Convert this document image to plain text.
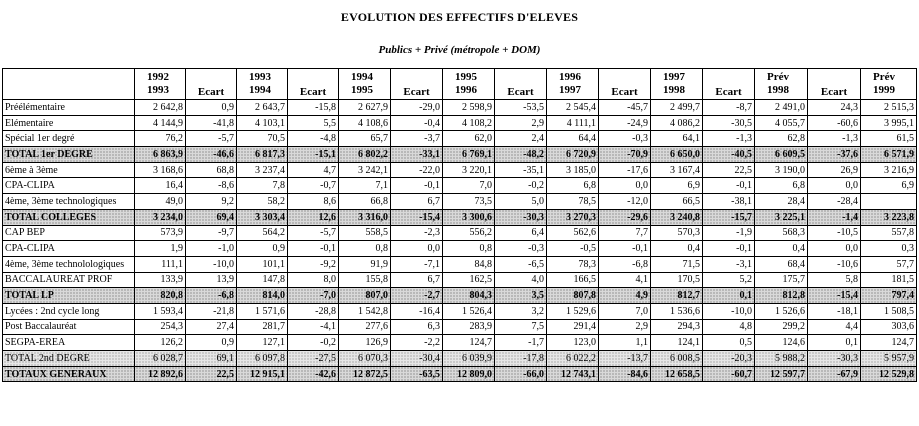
EVOLUTION DES EFFECTIFS D'ELEVES
Publics + Privé (métropole + DOM)
	1992		1993		1994		1995		1996		1997		Prév		Prév
	1993	Ecart	1994	Ecart	1995	Ecart	1996	Ecart	1997	Ecart	1998	Ecart	1998	Ecart	1999
Préélémentaire	2 642,8	0,9	2 643,7	-15,8	2 627,9	-29,0	2 598,9	-53,5	2 545,4	-45,7	2 499,7	-8,7	2 491,0	24,3	2 515,3
Elémentaire	4 144,9	-41,8	4 103,1	5,5	4 108,6	-0,4	4 108,2	2,9	4 111,1	-24,9	4 086,2	-30,5	4 055,7	-60,6	3 995,1
Spécial 1er degré	76,2	-5,7	70,5	-4,8	65,7	-3,7	62,0	2,4	64,4	-0,3	64,1	-1,3	62,8	-1,3	61,5
TOTAL 1er DEGRE	6 863,9	-46,6	6 817,3	-15,1	6 802,2	-33,1	6 769,1	-48,2	6 720,9	-70,9	6 650,0	-40,5	6 609,5	-37,6	6 571,9
6ème à 3ème	3 168,6	68,8	3 237,4	4,7	3 242,1	-22,0	3 220,1	-35,1	3 185,0	-17,6	3 167,4	22,5	3 190,0	26,9	3 216,9
CPA-CLIPA	16,4	-8,6	7,8	-0,7	7,1	-0,1	7,0	-0,2	6,8	0,0	6,9	-0,1	6,8	0,0	6,9
4ème, 3ème technologiques	49,0	9,2	58,2	8,6	66,8	6,7	73,5	5,0	78,5	-12,0	66,5	-38,1	28,4	-28,4	
TOTAL COLLEGES	3 234,0	69,4	3 303,4	12,6	3 316,0	-15,4	3 300,6	-30,3	3 270,3	-29,6	3 240,8	-15,7	3 225,1	-1,4	3 223,8
CAP BEP	573,9	-9,7	564,2	-5,7	558,5	-2,3	556,2	6,4	562,6	7,7	570,3	-1,9	568,3	-10,5	557,8
CPA-CLIPA	1,9	-1,0	0,9	-0,1	0,8	0,0	0,8	-0,3	-0,5	-0,1	0,4	-0,1	0,4	0,0	0,3
4ème, 3ème technolologiques	111,1	-10,0	101,1	-9,2	91,9	-7,1	84,8	-6,5	78,3	-6,8	71,5	-3,1	68,4	-10,6	57,7
BACCALAUREAT PROF	133,9	13,9	147,8	8,0	155,8	6,7	162,5	4,0	166,5	4,1	170,5	5,2	175,7	5,8	181,5
TOTAL LP	820,8	-6,8	814,0	-7,0	807,0	-2,7	804,3	3,5	807,8	4,9	812,7	0,1	812,8	-15,4	797,4
Lycées : 2nd cycle long	1 593,4	-21,8	1 571,6	-28,8	1 542,8	-16,4	1 526,4	3,2	1 529,6	7,0	1 536,6	-10,0	1 526,6	-18,1	1 508,5
Post Baccalauréat	254,3	27,4	281,7	-4,1	277,6	6,3	283,9	7,5	291,4	2,9	294,3	4,8	299,2	4,4	303,6
SEGPA-EREA	126,2	0,9	127,1	-0,2	126,9	-2,2	124,7	-1,7	123,0	1,1	124,1	0,5	124,6	0,1	124,7
TOTAL 2nd DEGRE	6 028,7	69,1	6 097,8	-27,5	6 070,3	-30,4	6 039,9	-17,8	6 022,2	-13,7	6 008,5	-20,3	5 988,2	-30,3	5 957,9
TOTAUX GENERAUX	12 892,6	22,5	12 915,1	-42,6	12 872,5	-63,5	12 809,0	-66,0	12 743,1	-84,6	12 658,5	-60,7	12 597,7	-67,9	12 529,8
